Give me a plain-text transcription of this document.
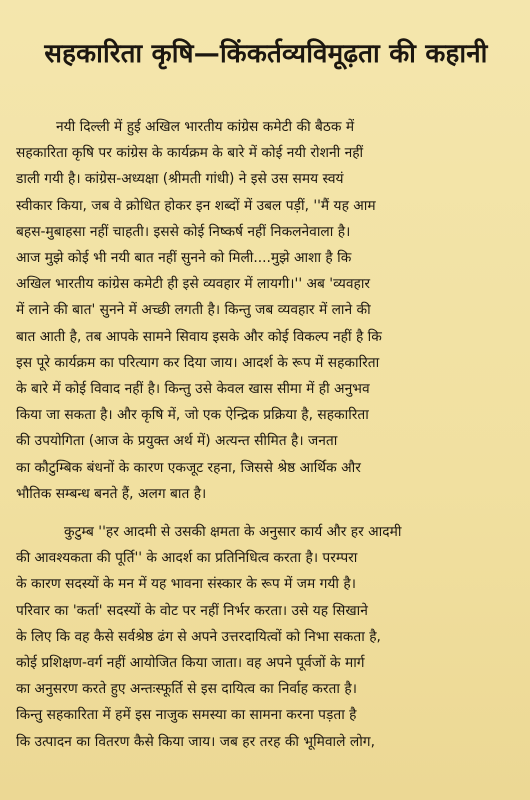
सहकारिता कृषि—किंकर्तव्यविमूढ़ता की कहानी

नयी दिल्ली में हुई अखिल भारतीय कांग्रेस कमेटी की बैठक में
सहकारिता कृषि पर कांग्रेस के कार्यक्रम के बारे में कोई नयी रोशनी नहीं
डाली गयी है। कांग्रेस-अध्यक्षा (श्रीमती गांधी) ने इसे उस समय स्वयं
स्वीकार किया, जब वे क्रोधित होकर इन शब्दों में उबल पड़ीं, ''मैं यह आम
बहस-मुबाहसा नहीं चाहती। इससे कोई निष्कर्ष नहीं निकलनेवाला है।
आज मुझे कोई भी नयी बात नहीं सुनने को मिली....मुझे आशा है कि
अखिल भारतीय कांग्रेस कमेटी ही इसे व्यवहार में लायगी।'' अब 'व्यवहार
में लाने की बात' सुनने में अच्छी लगती है। किन्तु जब व्यवहार में लाने की
बात आती है, तब आपके सामने सिवाय इसके और कोई विकल्प नहीं है कि
इस पूरे कार्यक्रम का परित्याग कर दिया जाय। आदर्श के रूप में सहकारिता
के बारे में कोई विवाद नहीं है। किन्तु उसे केवल खास सीमा में ही अनुभव
किया जा सकता है। और कृषि में, जो एक ऐन्द्रिक प्रक्रिया है, सहकारिता
की उपयोगिता (आज के प्रयुक्त अर्थ में) अत्यन्त सीमित है। जनता
का कौटुम्बिक बंधनों के कारण एकजूट रहना, जिससे श्रेष्ठ आर्थिक और
भौतिक सम्बन्ध बनते हैं, अलग बात है।

कुटुम्ब ''हर आदमी से उसकी क्षमता के अनुसार कार्य और हर आदमी
की आवश्यकता की पूर्ति'' के आदर्श का प्रतिनिधित्व करता है। परम्परा
के कारण सदस्यों के मन में यह भावना संस्कार के रूप में जम गयी है।
परिवार का 'कर्ता' सदस्यों के वोट पर नहीं निर्भर करता। उसे यह सिखाने
के लिए कि वह कैसे सर्वश्रेष्ठ ढंग से अपने उत्तरदायित्वों को निभा सकता है,
कोई प्रशिक्षण-वर्ग नहीं आयोजित किया जाता। वह अपने पूर्वजों के मार्ग
का अनुसरण करते हुए अन्तःस्फूर्ति से इस दायित्व का निर्वाह करता है।
किन्तु सहकारिता में हमें इस नाजुक समस्या का सामना करना पड़ता है
कि उत्पादन का वितरण कैसे किया जाय। जब हर तरह की भूमिवाले लोग,
